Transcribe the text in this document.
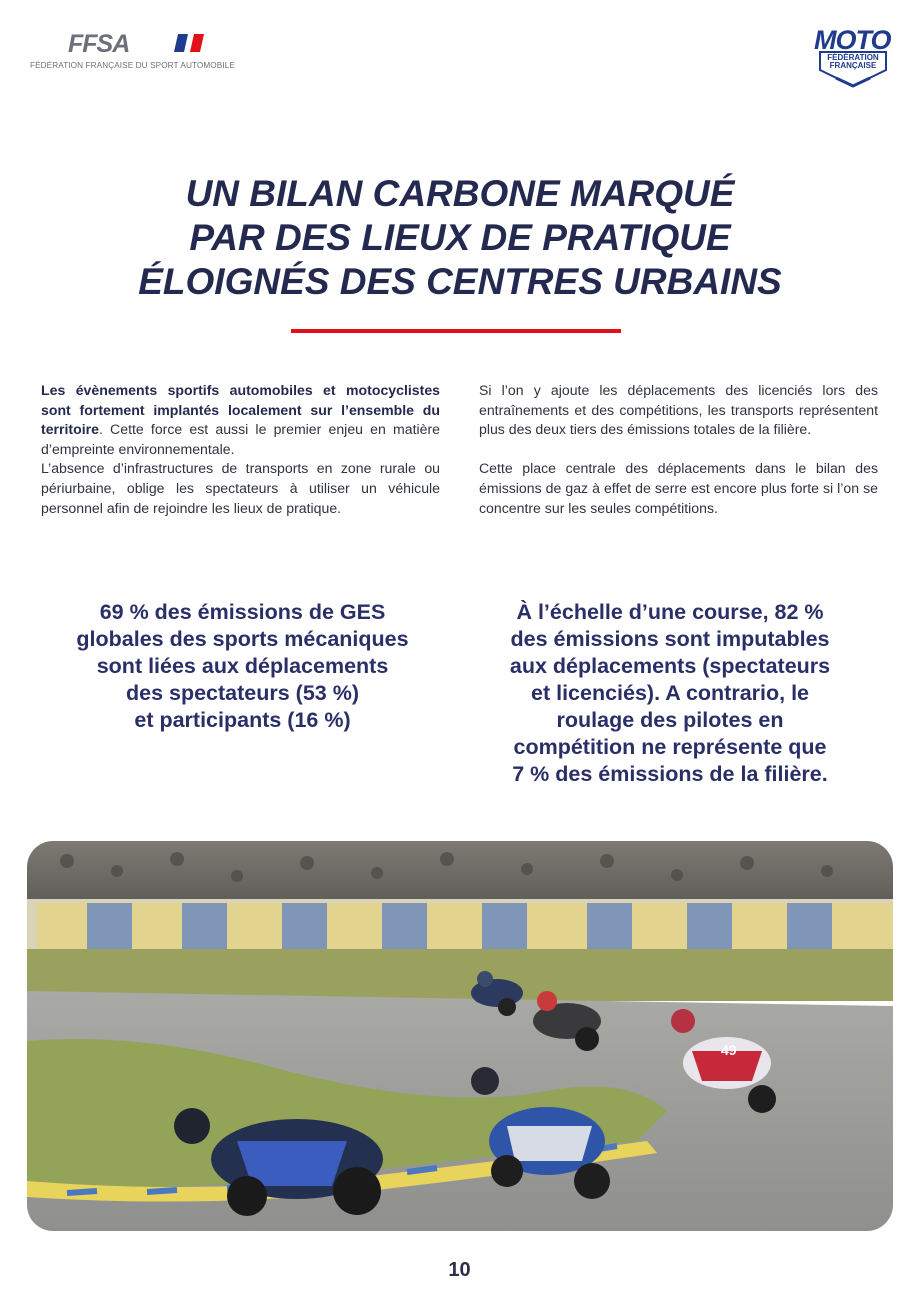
FFSA
FÉDÉRATION FRANÇAISE DU SPORT AUTOMOBILE
MOTO
FÉDÉRATION
FRANÇAISE
UN BILAN CARBONE MARQUÉ
PAR DES LIEUX DE PRATIQUE
ÉLOIGNÉS DES CENTRES URBAINS

Les évènements sportifs automobiles et motocyclistes sont fortement implantés localement sur l’ensemble du territoire. Cette force est aussi le premier enjeu en matière d’empreinte environnementale.

L’absence d’infrastructures de transports en zone rurale ou périurbaine, oblige les spectateurs à utiliser un véhicule personnel afin de rejoindre les lieux de pratique.

Si l’on y ajoute les déplacements des licenciés lors des entraînements et des compétitions, les transports représentent plus des deux tiers des émissions totales de la filière.

Cette place centrale des déplacements dans le bilan des émissions de gaz à effet de serre est encore plus forte si l’on se concentre sur les seules compétitions.

69 % des émissions de GES
globales des sports mécaniques
sont liées aux déplacements
des spectateurs (53 %)
et participants (16 %)
À l’échelle d’une course, 82 %
des émissions sont imputables
aux déplacements (spectateurs
et licenciés). A contrario, le
roulage des pilotes en
compétition ne représente que
7 % des émissions de la filière.
49
10
